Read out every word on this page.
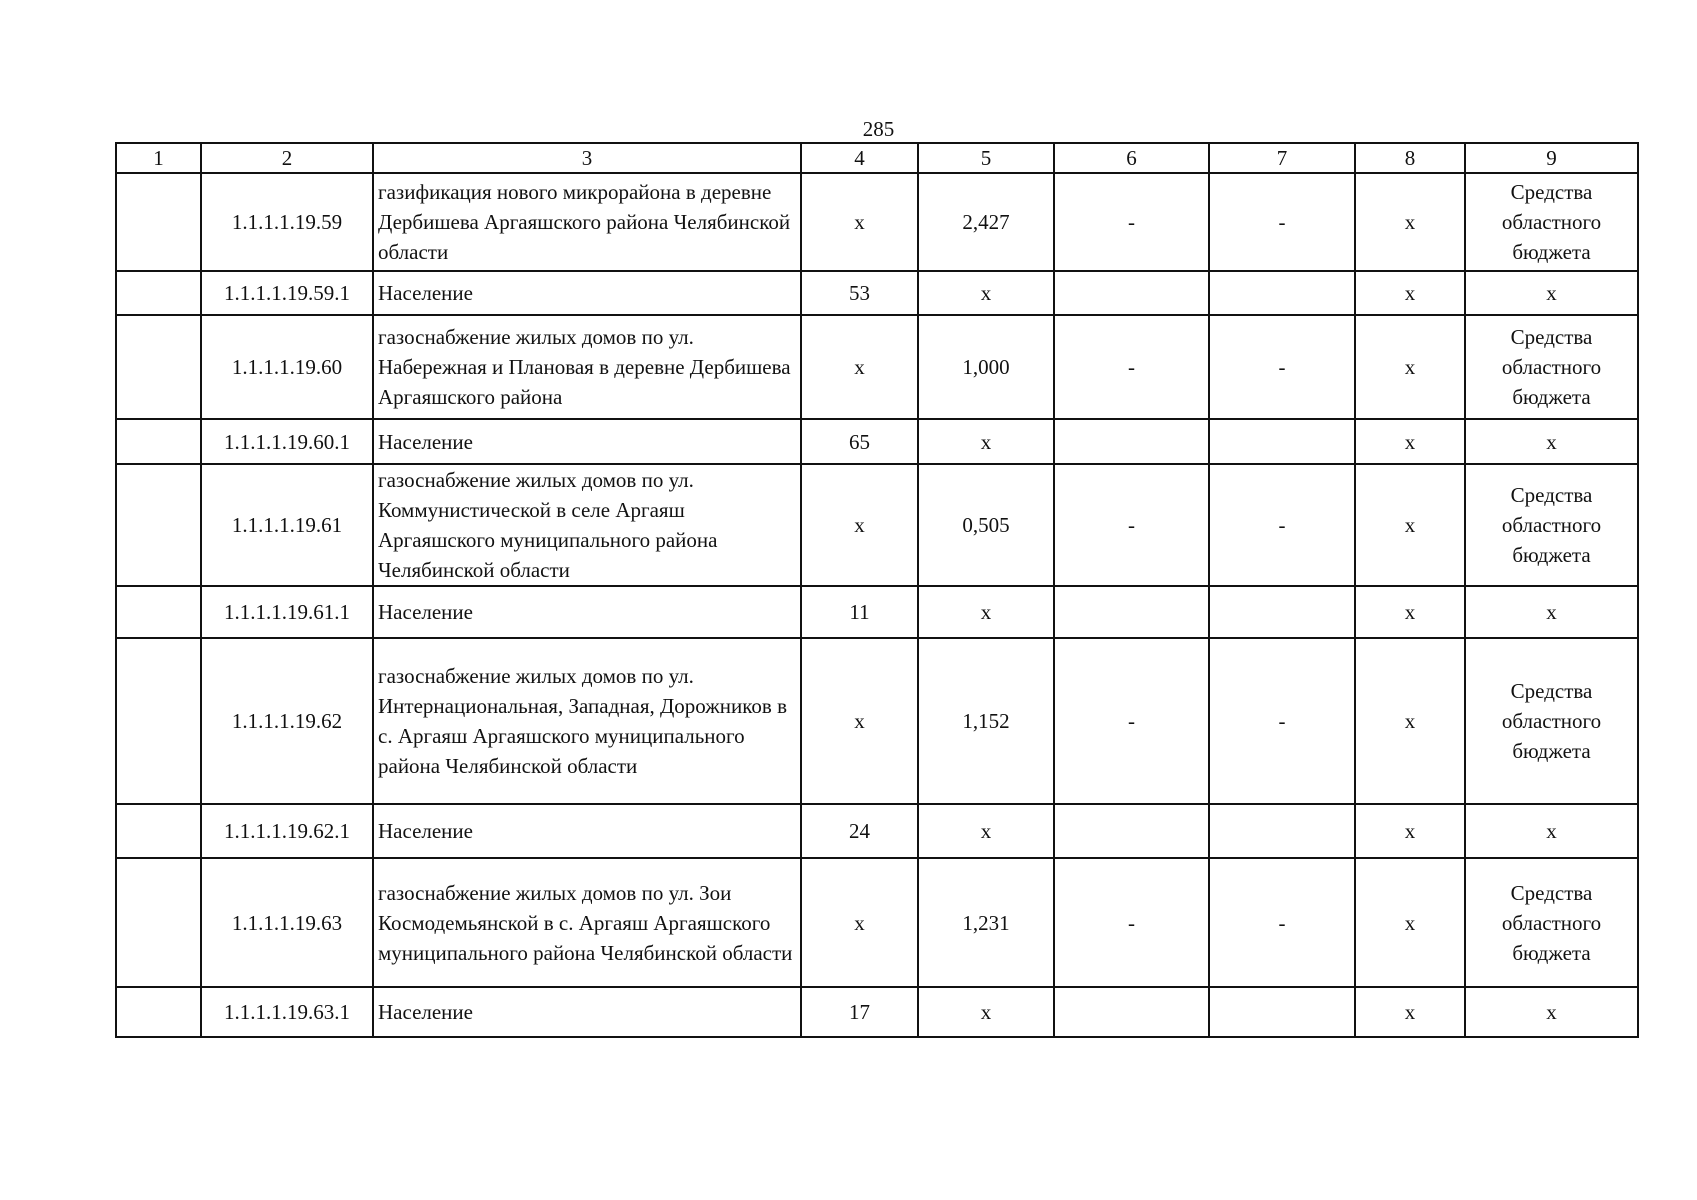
285
1	2	3	4	5	6	7	8	9
	1.1.1.1.19.59	газификация нового микрорайона в деревне Дербишева Аргаяшского района Челябинской области	x	2,427	-	-	x	Средства областного бюджета
	1.1.1.1.19.59.1	Население	53	x			x	x
	1.1.1.1.19.60	газоснабжение жилых домов по ул. Набережная и Плановая в деревне Дербишева Аргаяшского района	x	1,000	-	-	x	Средства областного бюджета
	1.1.1.1.19.60.1	Население	65	x			x	x
	1.1.1.1.19.61	газоснабжение жилых домов по ул. Коммунистической в селе Аргаяш Аргаяшского муниципального района Челябинской области	x	0,505	-	-	x	Средства областного бюджета
	1.1.1.1.19.61.1	Население	11	x			x	x
	1.1.1.1.19.62	газоснабжение жилых домов по ул. Интернациональная, Западная, Дорожников в с. Аргаяш Аргаяшского муниципального района Челябинской области	x	1,152	-	-	x	Средства областного бюджета
	1.1.1.1.19.62.1	Население	24	x			x	x
	1.1.1.1.19.63	газоснабжение жилых домов по ул. Зои Космодемьянской в с. Аргаяш Аргаяшского муниципального района Челябинской области	x	1,231	-	-	x	Средства областного бюджета
	1.1.1.1.19.63.1	Население	17	x			x	x
